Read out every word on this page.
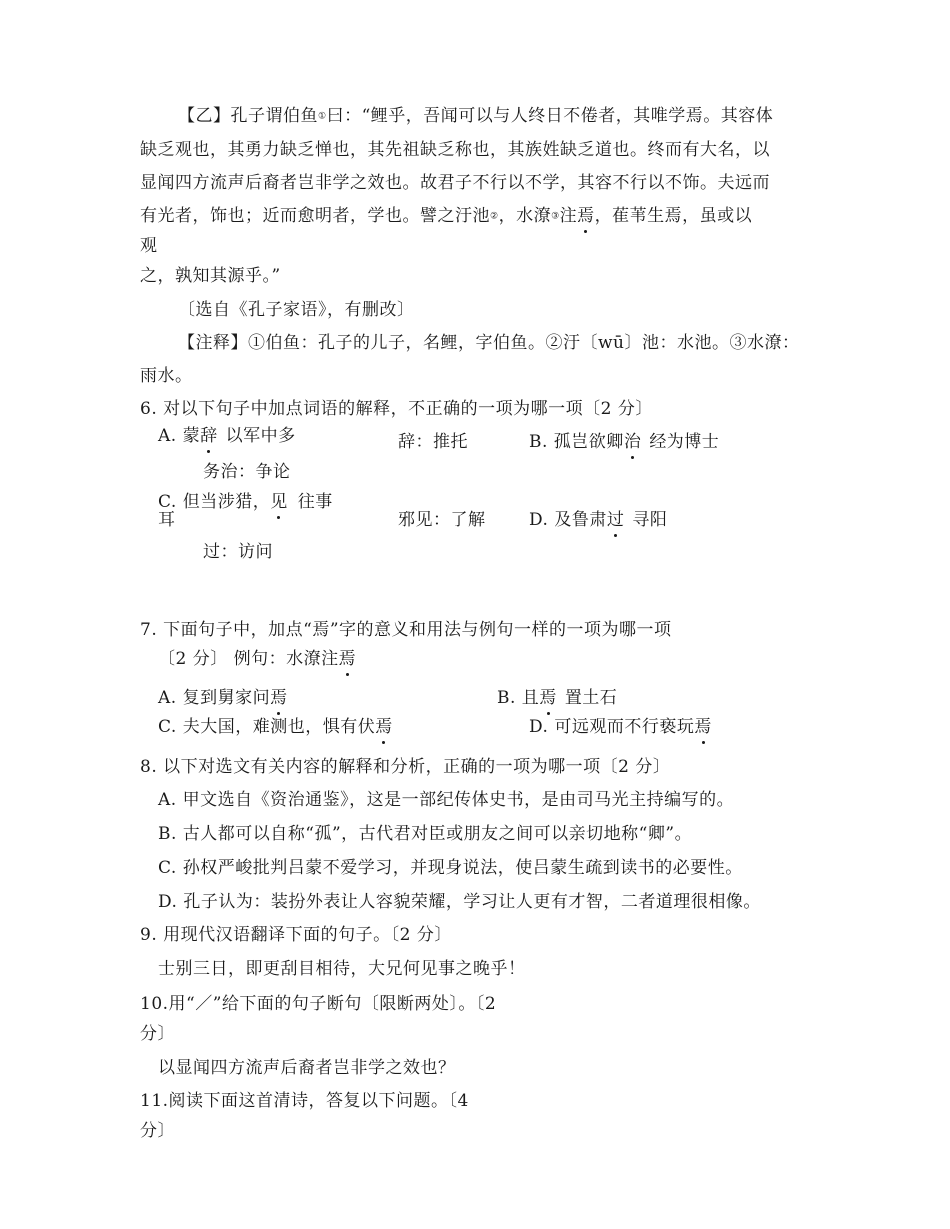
【乙】孔子谓伯鱼①曰：“鲤乎，吾闻可以与人终日不倦者，其唯学焉。其容体
缺乏观也，其勇力缺乏惮也，其先祖缺乏称也，其族姓缺乏道也。终而有大名，以
显闻四方流声后裔者岂非学之效也。故君子不行以不学，其容不行以不饰。夫远而
有光者，饰也；近而愈明者，学也。譬之汙池②，水潦③注焉，萑苇生焉，虽或以
观
之，孰知其源乎。”
〔选自《孔子家语》，有删改〕
【注释】①伯鱼：孔子的儿子，名鲤，字伯鱼。②汙〔wū〕池：水池。③水潦：
雨水。
6. 对以下句子中加点词语的解释，不正确的一项为哪一项〔2 分〕
A. 蒙辞 以军中多	辞：推托	B. 孤岂欲卿治 经为博士
务治：争论
C. 但当涉猎，见 往事
耳	邪见：了解	D. 及鲁肃过 寻阳
过：访问
7. 下面句子中，加点“焉”字的意义和用法与例句一样的一项为哪一项
〔2 分〕 例句：水潦注焉
A. 复到舅家问焉	B. 且焉 置土石
C. 夫大国，难测也，惧有伏焉	D. 可远观而不行亵玩焉
8. 以下对选文有关内容的解释和分析，正确的一项为哪一项〔2 分〕
A. 甲文选自《资治通鉴》，这是一部纪传体史书，是由司马光主持编写的。
B. 古人都可以自称“孤”，古代君对臣或朋友之间可以亲切地称“卿”。
C. 孙权严峻批判吕蒙不爱学习，并现身说法，使吕蒙生疏到读书的必要性。
D. 孔子认为：装扮外表让人容貌荣耀，学习让人更有才智，二者道理很相像。
9. 用现代汉语翻译下面的句子。〔2 分〕
士别三日，即更刮目相待，大兄何见事之晚乎！
10.用“／”给下面的句子断句〔限断两处〕。〔2
分〕
以显闻四方流声后裔者岂非学之效也？
11.阅读下面这首清诗，答复以下问题。〔4
分〕
